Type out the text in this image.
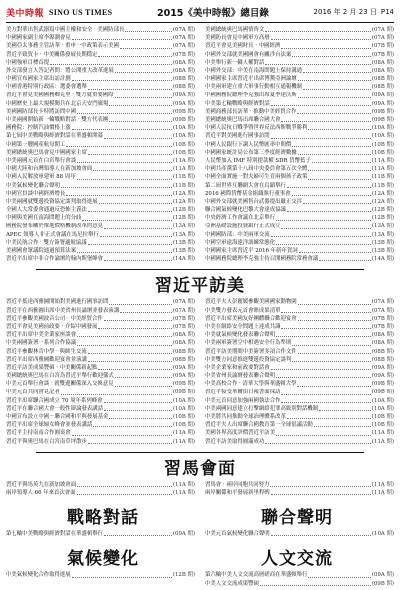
美中時報 SINO US TIMES	2015《美中時報》總目錄	2016 年 2 月 23 日 P14
美方對華出售武器寫中國主權和安全 · 美國防部長	(07A 期)
中國國家副主席李源潮會見	(07A 期)
美國亞太事務主管訪華 · 重申一中政策表示美國	(07A 期)
習近平致賀卡 · 中美關係發展長期穩定	(07B 期)
中國強軍目標首提	(08A 期)
外交部發言人答記者問：將公開重大改革進展	(08A 期)
中國宣布國家主席出訪計劃	(08B 期)
中國香港特別行政區：選委會選舉	(08B 期)
習近平會見美國國務卿克里 · 雙方就重要國際	(09A 期)
中國歷史上最大規模閱兵在北京天安門廣場	(09A 期)
美國國防部長卡特將訪問中國	(09B 期)
中美兩國開始新一輪戰略對話 · 雙方代表團	(09B 期)
國務院：控制汽油價格上漲	(10A 期)
第七屆中美戰略與經濟對話在華盛頓開幕	(10A 期)
中國第一艘國產航母開工	(10B 期)
美國總統奧巴馬會見中國國家主席	(10B 期)
中美兩國元首在白宮舉行會談	(11A 期)
中國大陸和台灣領導人在新加坡會面	(11A 期)
中國人民解放軍建軍 88 周年	(11B 期)
中美氣候變化聯合聲明	(11B 期)
中國官員談中國經濟增長	(12A 期)
中美兩國就雙邊投資協定談判取得進展	(12A 期)
全國人大常委會通過反恐怖主義法	(12B 期)
中國與美國在南海問題上的分歧	(12B 期)
國務院發布關於推進價格機制改革的意見	(13A 期)
APEC 領導人非正式會議在馬尼拉舉行	(13A 期)
中美民航合作 · 雙方簽署適航協議	(13B 期)
美國國會眾議院通過預算法案	(13B 期)
習近平出席中非合作論壇約翰內斯堡峰會	(14A 期)
美國總統奧巴馬國情咨文	(07A 期)
美國防長會見中國軍方高層	(07A 期)
習近平會見美國財長 · 中國經濟	(07B 期)
中國外交部就美國國會有關涉台法案	(07B 期)
中美舉行新一輪人權對話	(08A 期)
中國外交部：中美在南海問題上保持溝通	(08A 期)
中國國家主席習近平出席博鰲亞洲論壇	(08B 期)
中美兩軍建立重大軍事行動相互通報機制	(08B 期)
中國國務院總理李克強出席夏季達沃斯	(09A 期)
中美第七輪戰略與經濟對話	(09A 期)
美國商務部長訪華 · 推動中美經貿合作	(09B 期)
美國總統奧巴馬出席聯合國大會	(09B 期)
中國人民抗日戰爭暨世界反法西斯戰爭勝利	(10A 期)
習近平對美國進行國事訪問	(10A 期)
中國人民銀行下調人民幣匯率中間價	(10B 期)
中國國家統計局公布第三季度經濟數據	(10B 期)
人民幣加入 IMF 特別提款權 SDR 貨幣籃子	(11A 期)
中國共產黨第十八屆中央委員會第五次全體	(11A 期)
中國全面實施一對夫婦可生育兩個孩子政策	(11B 期)
第二屆世界互聯網大會在烏鎮舉行	(11B 期)
2016 國際貨幣基金組織執行董事會	(12A 期)
中國外交部就美國售台武器提出嚴正交涉	(12A 期)
聯合國氣候變化巴黎大會達成協議	(12B 期)
中央經濟工作會議在北京舉行	(12B 期)
亞洲基礎設施投資銀行正式成立	(13A 期)
中國國防部：中美兩軍交流	(13A 期)
中國空軍遠海遠洋訓練常態化	(13B 期)
中國國家主席習近平 2016 年新年賀詞	(13B 期)
中國國務院總理李克強主持召開國務院常務會議	(14A 期)
習近平訪美
習近平抵達西雅圖開始對美國進行國事訪問	(07A 期)
習近平在西雅圖出席中美省州長論壇並發表演講	(07A 期)
習近平參觀美國波音公司 · 中美經貿合作	(07B 期)
習近平會見美國前政要 · 介紹中國發展	(07B 期)
習近平出席中美企業家座談會	(08A 期)
中美兩國簽署一系列合作協議	(08A 期)
習近平參觀林肯中學 · 與師生交流	(08B 期)
習近平出席西雅圖歡迎宴會並演講	(08B 期)
習近平訪美成果豐碩 · 中美關係新起點	(09A 期)
美國總統奧巴馬在白宮為習近平舉行歡迎儀式	(09A 期)
中美元首舉行會談 · 就雙邊關係深入交換意見	(09B 期)
中美元首共同會見記者	(09B 期)
習近平出席聯合國成立 70 周年系列峰會	(10A 期)
習近平在聯合國大會一般性辯論發表講話	(10A 期)
中國宣布設立中國－聯合國和平與發展基金	(10B 期)
習近平出席全球婦女峰會並發表講話	(10B 期)
習近平主持南南合作圓桌會	(11A 期)
習近平與奧巴馬在白宮南草坪散步	(11A 期)
習近平夫人彭麗媛參觀美國國家動物園	(07A 期)
中美雙方發表元首會晤成果清單	(07A 期)
習近平出席美國友好團體聯合歡迎宴會	(07B 期)
中美在網絡安全問題上達成共識	(07B 期)
中美就氣候變化發表聯合聲明	(08A 期)
中美兩軍簽署空中相遇安全行為準則	(08A 期)
習近平訪美期間中美簽署多項合作文件	(08B 期)
中美雙方同意推進雙邊投資協定談判	(08B 期)
中美企業家和前政要對話會	(09A 期)
中美省州長論壇發表聯合聲明	(09A 期)
中美高校合作 · 清華大學與華盛頓大學	(09B 期)
習近平接受華爾街日報書面採訪	(09B 期)
中美元首同意加強兩國執法合作	(10A 期)
中美兩國同意建立打擊網絡犯罪高級別對話機制	(10A 期)
中美將共同推動全球治理體系改革	(10B 期)
習近平夫人出席聯合國教育第一全球倡議活動	(10B 期)
美國各界高度評價習近平訪美	(11A 期)
習近平訪美取得圓滿成功	(11A 期)
習馬會面
習近平與馬英九在新加坡會面	(11A 期)
兩岸領導人 66 年來首次會面	(11A 期)
習馬會 · 兩岸同胞共同努力	(11A 期)
兩岸關係和平發展新里程碑	(11A 期)
戰略對話	聯合聲明
第七輪中美戰略與經濟對話在華盛頓舉行	(09A 期) 中美元首氣候變化聯合聲明	(10A 期)
氣候變化	人文交流
中美氣候變化合作取得進展	(12B 期) 第六輪中美人文交流高層磋商在華盛頓舉行	(09A 期)
中美人文交流成果豐碩	(09B 期)
